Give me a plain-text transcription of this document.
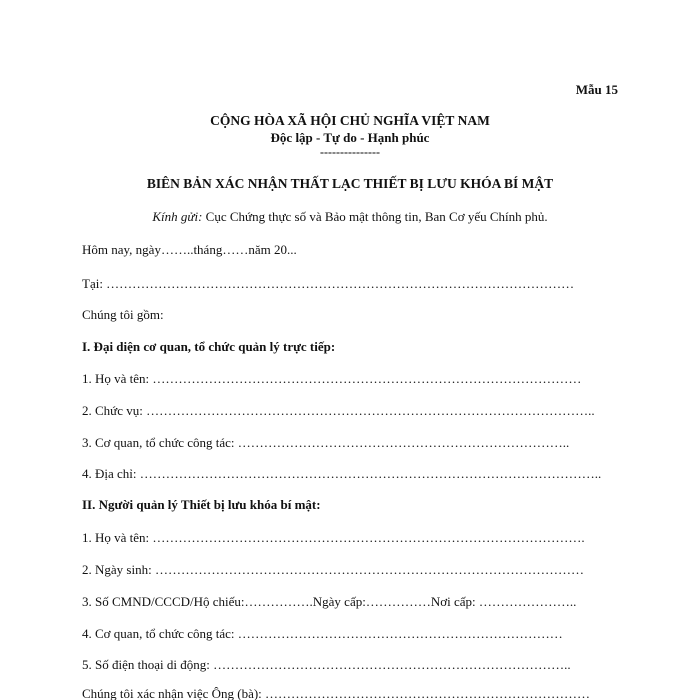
Mẫu 15
CỘNG HÒA XÃ HỘI CHỦ NGHĨA VIỆT NAM
Độc lập - Tự do - Hạnh phúc
---------------
BIÊN BẢN XÁC NHẬN THẤT LẠC THIẾT BỊ LƯU KHÓA BÍ MẬT
Kính gửi: Cục Chứng thực số và Bảo mật thông tin, Ban Cơ yếu Chính phủ.
Hôm nay, ngày……..tháng……năm 20...
Tại: ………………………………………………………………………………………………
Chúng tôi gồm:
I. Đại diện cơ quan, tổ chức quản lý trực tiếp:
1. Họ và tên: ………………………………………………………………………………………
2. Chức vụ: …………………………………………………………………………………………..
3. Cơ quan, tổ chức công tác: …………………………………………………………………..
4. Địa chỉ: ……………………………………………………………………………………………..
II. Người quản lý Thiết bị lưu khóa bí mật:
1. Họ và tên: ……………………………………………………………………………………….
2. Ngày sinh: ………………………………………………………………………………………
3. Số CMND/CCCD/Hộ chiếu:…………….Ngày cấp:……………Nơi cấp: …………………..
4. Cơ quan, tổ chức công tác: …………………………………………………………………
5. Số điện thoại di động: ………………………………………………………………………..
Chúng tôi xác nhận việc Ông (bà): …………………………………………………………………
